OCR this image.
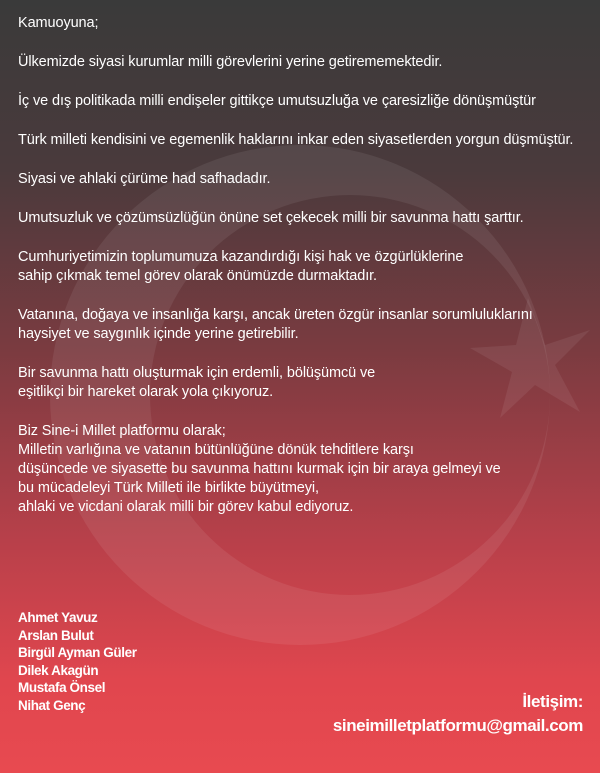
Kamuoyuna;

Ülkemizde siyasi kurumlar milli görevlerini yerine getirememektedir.

İç ve dış politikada milli endişeler gittikçe umutsuzluğa ve çaresizliğe dönüşmüştür

Türk milleti kendisini ve egemenlik haklarını inkar eden siyasetlerden yorgun düşmüştür.

Siyasi ve ahlaki çürüme had safhadadır.

Umutsuzluk ve çözümsüzlüğün önüne set çekecek milli bir savunma hattı şarttır.

Cumhuriyetimizin toplumumuza kazandırdığı kişi hak ve özgürlüklerine
sahip çıkmak temel görev olarak önümüzde durmaktadır.

Vatanına, doğaya ve insanlığa karşı, ancak üreten özgür insanlar sorumluluklarını
haysiyet ve saygınlık içinde yerine getirebilir.

Bir savunma hattı oluşturmak için erdemli, bölüşümcü ve
eşitlikçi bir hareket olarak yola çıkıyoruz.

Biz Sine-i Millet platformu olarak;
Milletin varlığına ve vatanın bütünlüğüne dönük tehditlere karşı
düşüncede ve siyasette bu savunma hattını kurmak için bir araya gelmeyi ve
bu mücadeleyi Türk Milleti ile birlikte büyütmeyi,
ahlaki ve vicdani olarak milli bir görev kabul ediyoruz.

Ahmet Yavuz
Arslan Bulut
Birgül Ayman Güler
Dilek Akagün
Mustafa Önsel
Nihat Genç	İletişim:
sineimilletplatformu@gmail.com
